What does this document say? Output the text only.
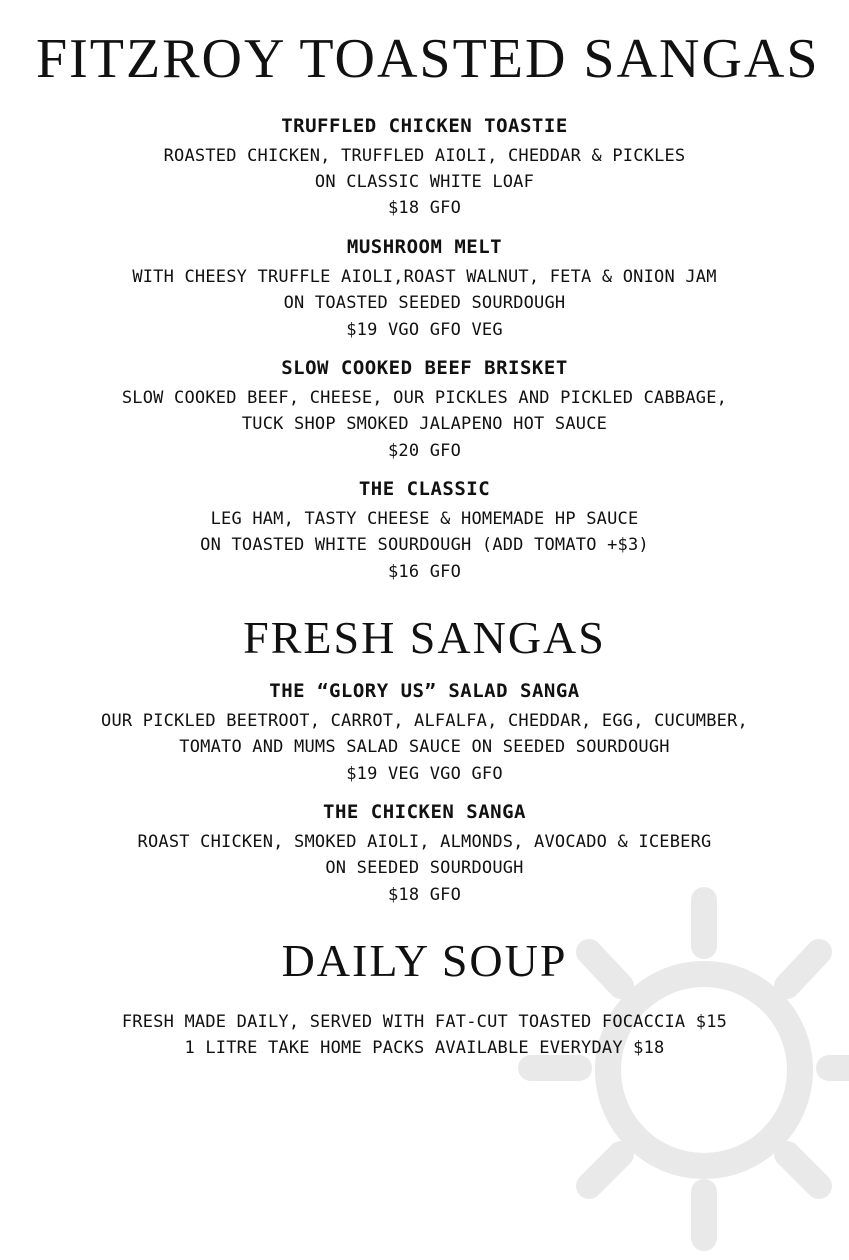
FITZROY TOASTED SANGAS
TRUFFLED CHICKEN TOASTIE
ROASTED CHICKEN, TRUFFLED AIOLI, CHEDDAR & PICKLES
ON CLASSIC WHITE LOAF
$18 GFO
MUSHROOM MELT
WITH CHEESY TRUFFLE AIOLI,ROAST WALNUT, FETA & ONION JAM
ON TOASTED SEEDED SOURDOUGH
$19 VGO GFO VEG
SLOW COOKED BEEF BRISKET
SLOW COOKED BEEF, CHEESE, OUR PICKLES AND PICKLED CABBAGE,
TUCK SHOP SMOKED JALAPENO HOT SAUCE
$20 GFO
THE CLASSIC
LEG HAM, TASTY CHEESE & HOMEMADE HP SAUCE
ON TOASTED WHITE SOURDOUGH (ADD TOMATO +$3)
$16 GFO
FRESH SANGAS
THE “GLORY US” SALAD SANGA
OUR PICKLED BEETROOT, CARROT, ALFALFA, CHEDDAR, EGG, CUCUMBER,
TOMATO AND MUMS SALAD SAUCE ON SEEDED SOURDOUGH
$19 VEG VGO GFO
THE CHICKEN SANGA
ROAST CHICKEN, SMOKED AIOLI, ALMONDS, AVOCADO & ICEBERG
ON SEEDED SOURDOUGH
$18 GFO
DAILY SOUP
FRESH MADE DAILY, SERVED WITH FAT-CUT TOASTED FOCACCIA $15
1 LITRE TAKE HOME PACKS AVAILABLE EVERYDAY $18
